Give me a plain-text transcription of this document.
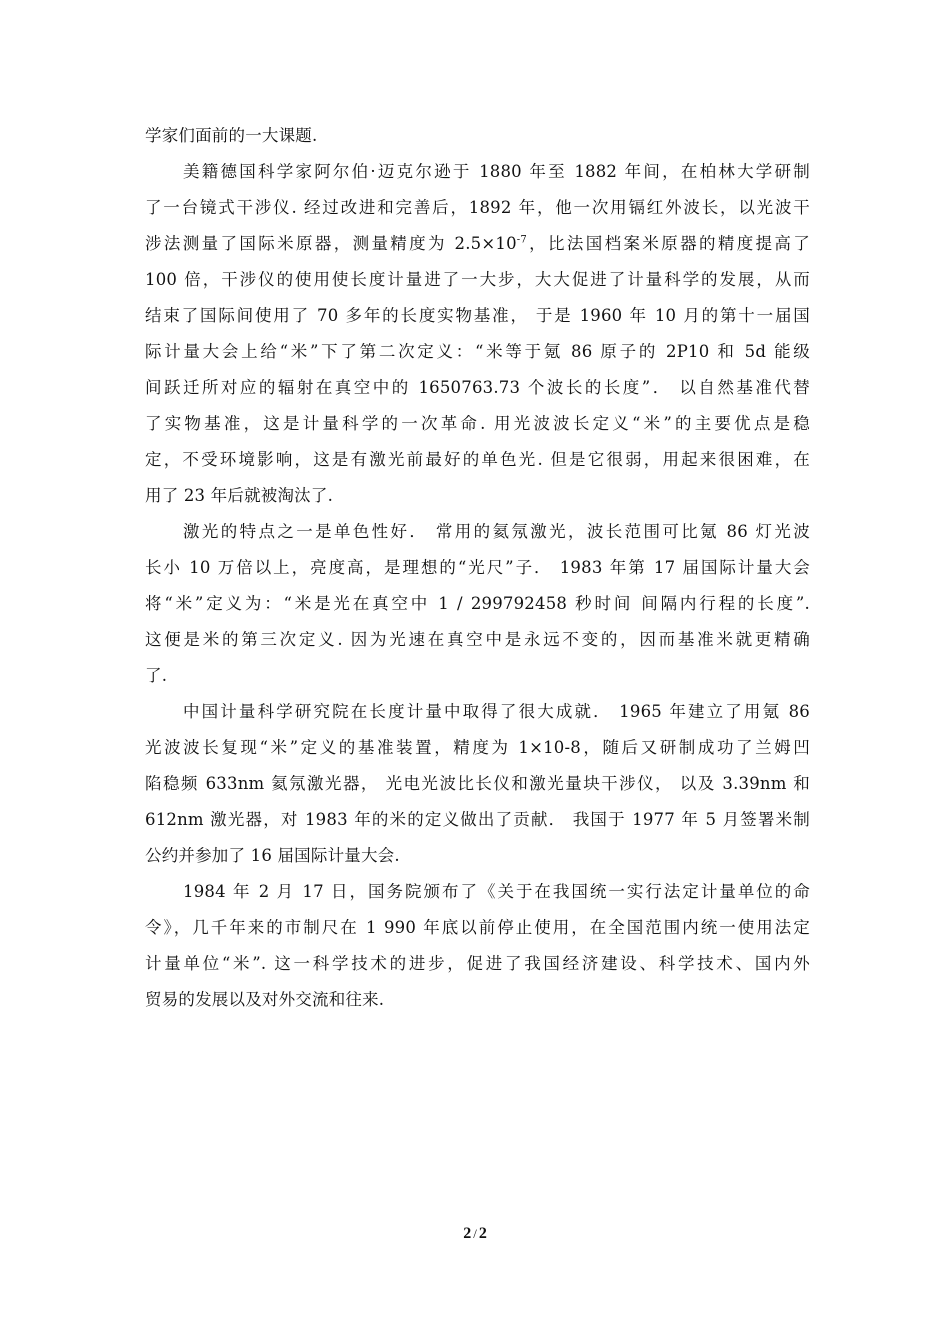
学家们面前的一大课题.
美籍德国科学家阿尔伯·迈克尔逊于 1880 年至 1882 年间，在柏林大学研制
了一台镜式干涉仪. 经过改进和完善后，1892 年，他一次用镉红外波长，以光波干
涉法测量了国际米原器，测量精度为 $2.5\times 10^{-7}$，比法国档案米原器的精度提高了
100 倍，干涉仪的使用使长度计量进了一大步，大大促进了计量科学的发展，从而
结束了国际间使用了 70 多年的长度实物基准， 于是 1960 年 10 月的第十一届国
际计量大会上给“米”下了第二次定义：“米等于氪 86 原子的 2P10 和 5d 能级
间跃迁所对应的辐射在真空中的 1650763.73 个波长的长度”． 以自然基准代替
了实物基准，这是计量科学的一次革命. 用光波波长定义“米”的主要优点是稳
定，不受环境影响，这是有激光前最好的单色光. 但是它很弱，用起来很困难，在
用了 23 年后就被淘汰了.
激光的特点之一是单色性好． 常用的氦氖激光，波长范围可比氪 86 灯光波
长小 10 万倍以上，亮度高，是理想的“光尺”子． 1983 年第 17 届国际计量大会
将“米”定义为：“米是光在真空中 1 / 299792458 秒时间 间隔内行程的长度”.
这便是米的第三次定义. 因为光速在真空中是永远不变的，因而基准米就更精确
了.
中国计量科学研究院在长度计量中取得了很大成就． 1965 年建立了用氪 86
光波波长复现“米”定义的基准装置，精度为 1×10-8，随后又研制成功了兰姆凹
陷稳频 633nm 氦氖激光器， 光电光波比长仪和激光量块干涉仪， 以及 3.39nm 和
612nm 激光器，对 1983 年的米的定义做出了贡献． 我国于 1977 年 5 月签署米制
公约并参加了 16 届国际计量大会.
1984 年 2 月 17 日，国务院颁布了《关于在我国统一实行法定计量单位的命
令》，几千年来的市制尺在 1 990 年底以前停止使用，在全国范围内统一使用法定
计量单位“米”. 这一科学技术的进步，促进了我国经济建设、科学技术、国内外
贸易的发展以及对外交流和往来.
2 / 2
